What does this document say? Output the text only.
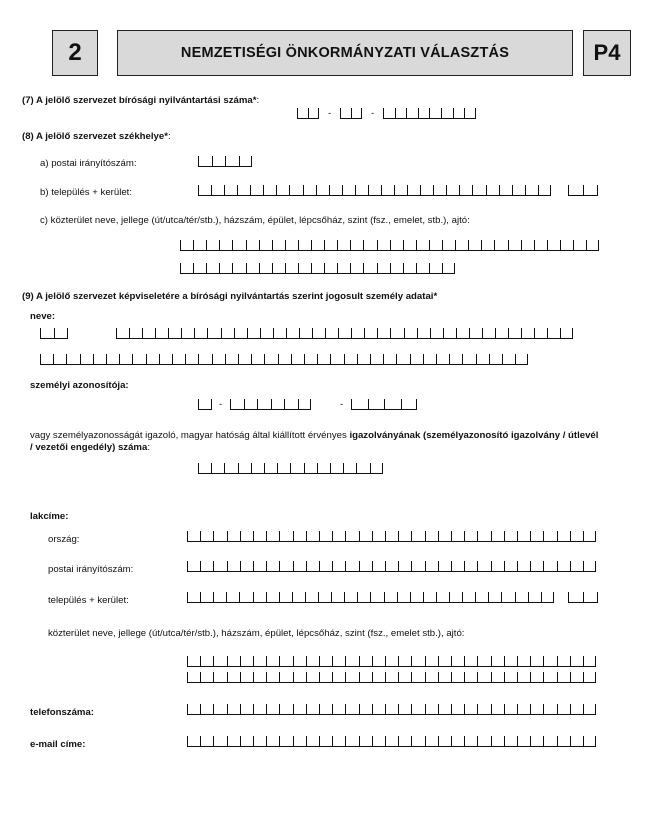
2	NEMZETISÉGI ÖNKORMÁNYZATI VÁLASZTÁS	P4
(7) A jelölő szervezet bírósági nyilvántartási száma*:
-	-
(8) A jelölő szervezet székhelye*:
a) postai irányítószám:
b) település + kerület:
c) közterület neve, jellege (út/utca/tér/stb.), házszám, épület, lépcsőház, szint (fsz., emelet, stb.), ajtó:
(9) A jelölő szervezet képviseletére a bírósági nyilvántartás szerint jogosult személy adatai*
neve:
személyi azonosítója:
-	-
vagy személyazonosságát igazoló, magyar hatóság által kiállított érvényes igazolványának (személyazonosító igazolvány / útlevél
/ vezetői engedély) száma:
lakcíme:
ország:
postai irányítószám:
település + kerület:
közterület neve, jellege (út/utca/tér/stb.), házszám, épület, lépcsőház, szint (fsz., emelet stb.), ajtó:
telefonszáma:
e-mail címe:
